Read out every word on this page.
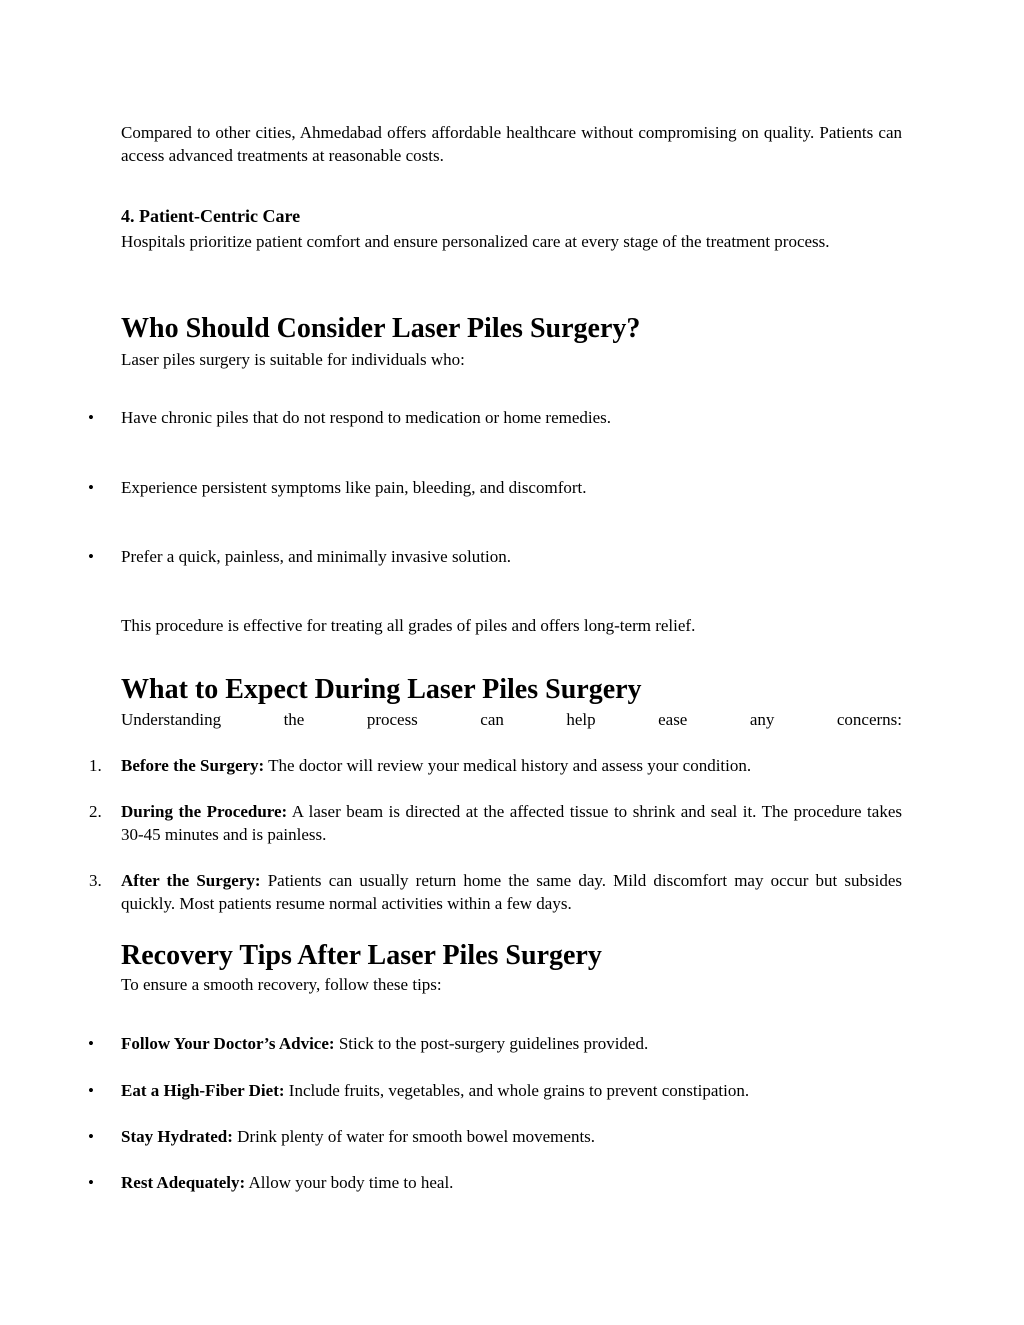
Compared to other cities, Ahmedabad offers affordable healthcare without compromising on quality. Patients can access advanced treatments at reasonable costs.

4. Patient-Centric Care

Hospitals prioritize patient comfort and ensure personalized care at every stage of the treatment process.

Who Should Consider Laser Piles Surgery?

Laser piles surgery is suitable for individuals who:

• Have chronic piles that do not respond to medication or home remedies.
• Experience persistent symptoms like pain, bleeding, and discomfort.
• Prefer a quick, painless, and minimally invasive solution.

This procedure is effective for treating all grades of piles and offers long-term relief.

What to Expect During Laser Piles Surgery

Understanding the process can help ease any concerns:

1. Before the Surgery: The doctor will review your medical history and assess your condition.
2. During the Procedure: A laser beam is directed at the affected tissue to shrink and seal it. The procedure takes 30-45 minutes and is painless.
3. After the Surgery: Patients can usually return home the same day. Mild discomfort may occur but subsides quickly. Most patients resume normal activities within a few days.
Recovery Tips After Laser Piles Surgery

To ensure a smooth recovery, follow these tips:

• Follow Your Doctor’s Advice: Stick to the post-surgery guidelines provided.
• Eat a High-Fiber Diet: Include fruits, vegetables, and whole grains to prevent constipation.
• Stay Hydrated: Drink plenty of water for smooth bowel movements.
• Rest Adequately: Allow your body time to heal.
